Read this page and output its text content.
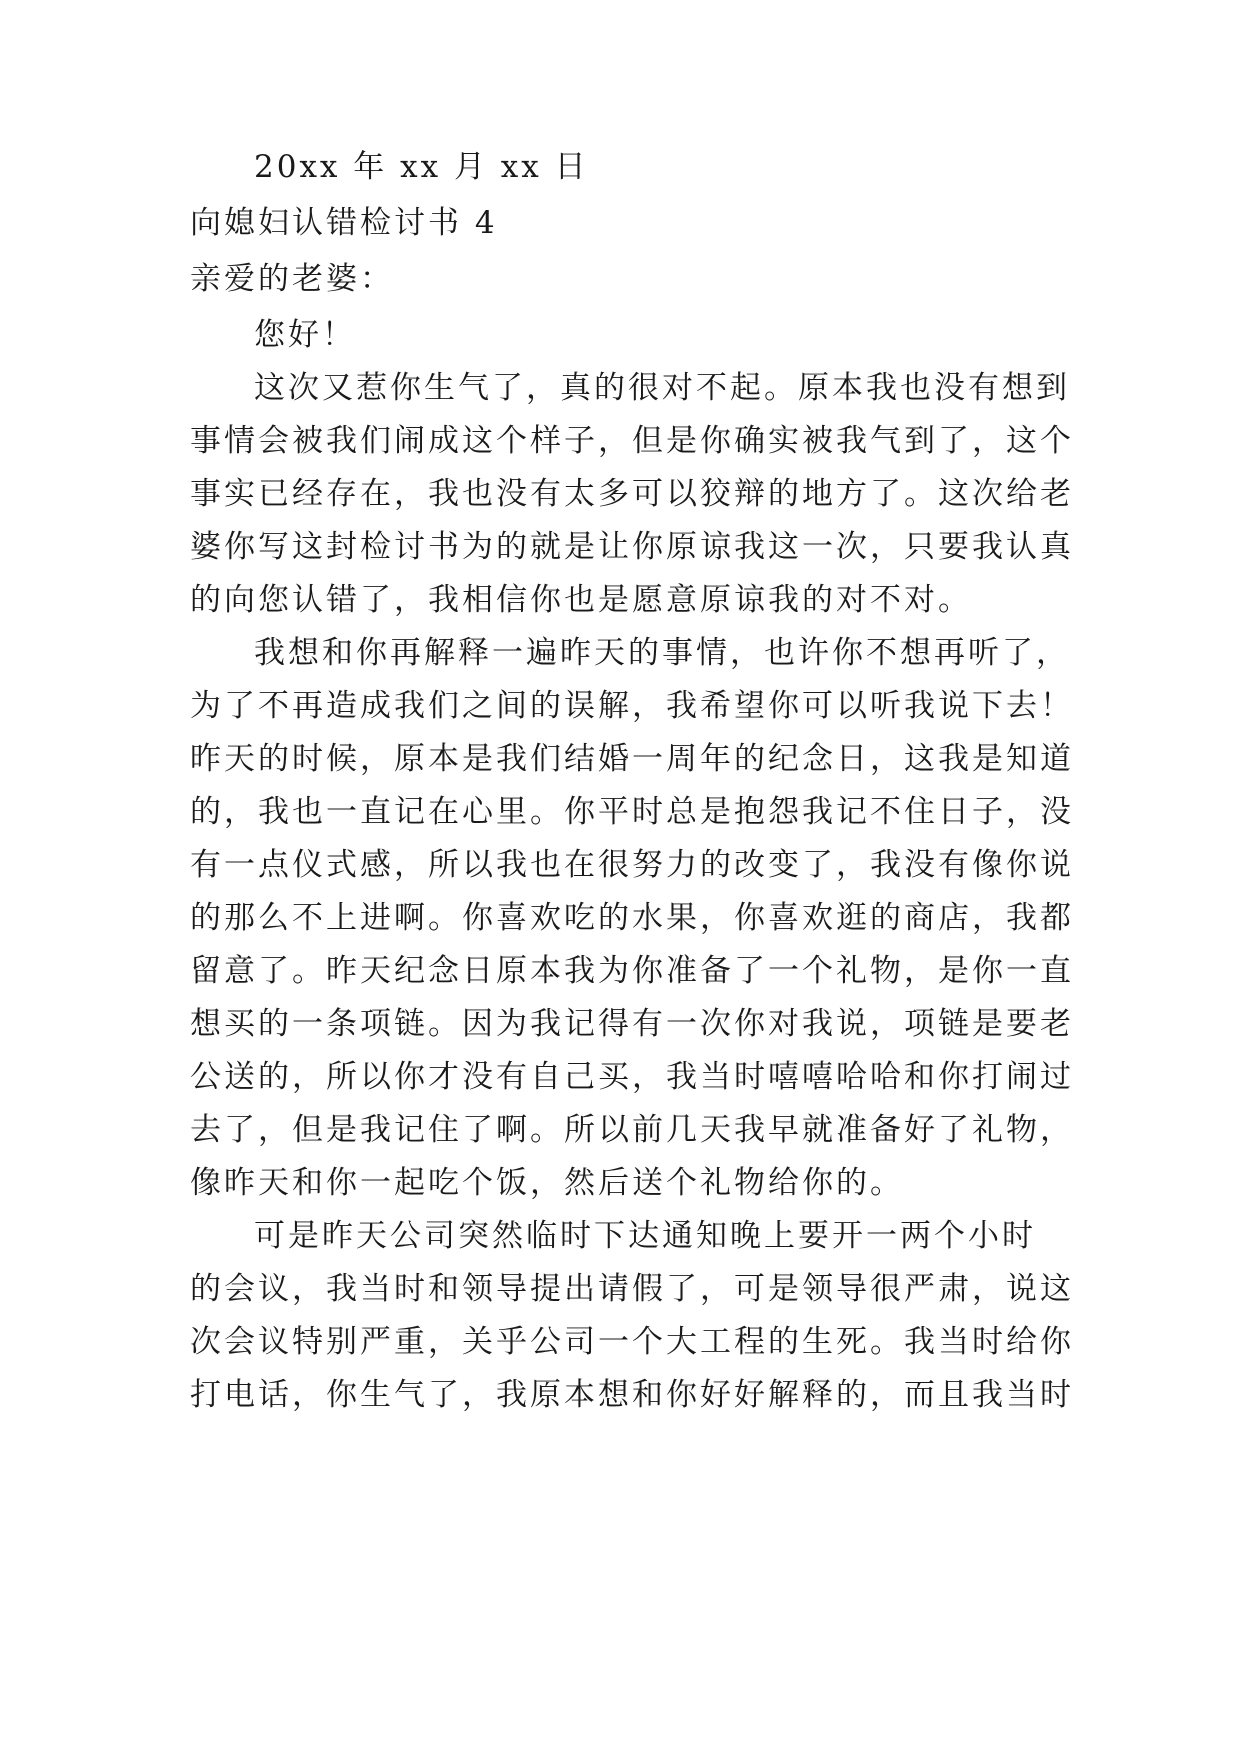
20xx 年 xx 月 xx 日
向媳妇认错检讨书 4
亲爱的老婆：
您好！
这次又惹你生气了，真的很对不起。原本我也没有想到
事情会被我们闹成这个样子，但是你确实被我气到了，这个
事实已经存在，我也没有太多可以狡辩的地方了。这次给老
婆你写这封检讨书为的就是让你原谅我这一次，只要我认真
的向您认错了，我相信你也是愿意原谅我的对不对。
我想和你再解释一遍昨天的事情，也许你不想再听了，
为了不再造成我们之间的误解，我希望你可以听我说下去！
昨天的时候，原本是我们结婚一周年的纪念日，这我是知道
的，我也一直记在心里。你平时总是抱怨我记不住日子，没
有一点仪式感，所以我也在很努力的改变了，我没有像你说
的那么不上进啊。你喜欢吃的水果，你喜欢逛的商店，我都
留意了。昨天纪念日原本我为你准备了一个礼物，是你一直
想买的一条项链。因为我记得有一次你对我说，项链是要老
公送的，所以你才没有自己买，我当时嘻嘻哈哈和你打闹过
去了，但是我记住了啊。所以前几天我早就准备好了礼物，
像昨天和你一起吃个饭，然后送个礼物给你的。
可是昨天公司突然临时下达通知晚上要开一两个小时
的会议，我当时和领导提出请假了，可是领导很严肃，说这
次会议特别严重，关乎公司一个大工程的生死。我当时给你
打电话，你生气了，我原本想和你好好解释的，而且我当时
